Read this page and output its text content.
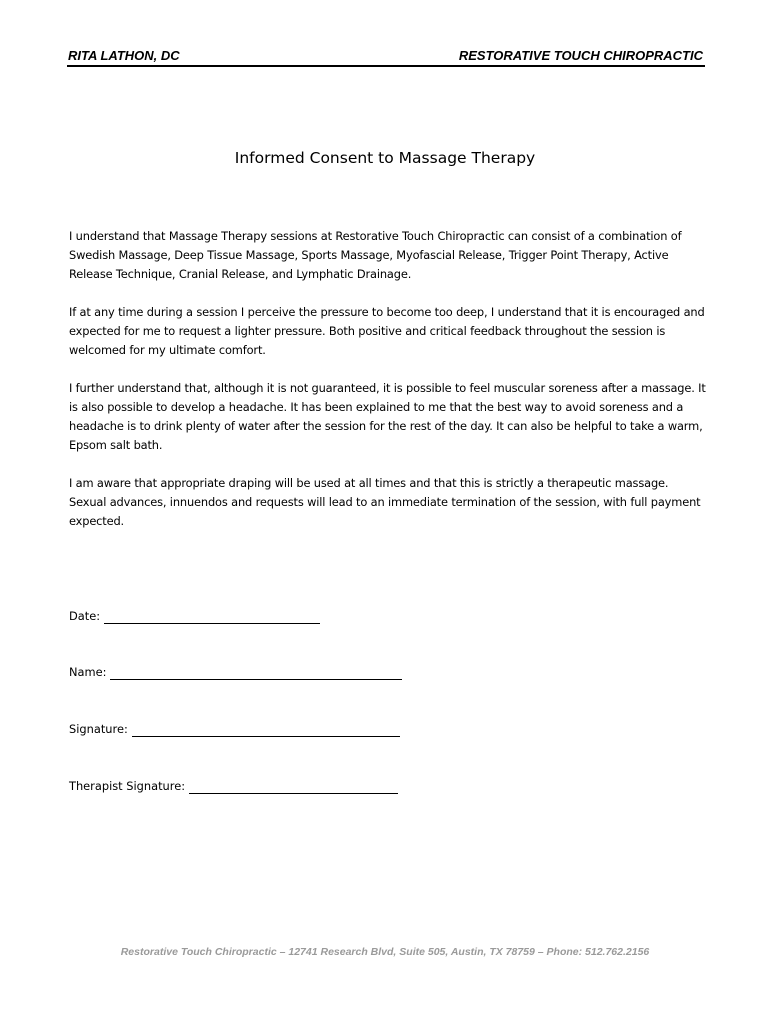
RITA LATHON, DC	RESTORATIVE TOUCH CHIROPRACTIC
Informed Consent to Massage Therapy

I understand that Massage Therapy sessions at Restorative Touch Chiropractic can consist of a combination of Swedish Massage, Deep Tissue Massage, Sports Massage, Myofascial Release, Trigger Point Therapy, Active Release Technique, Cranial Release, and Lymphatic Drainage.

If at any time during a session I perceive the pressure to become too deep, I understand that it is encouraged and expected for me to request a lighter pressure. Both positive and critical feedback throughout the session is welcomed for my ultimate comfort.

I further understand that, although it is not guaranteed, it is possible to feel muscular soreness after a massage. It is also possible to develop a headache. It has been explained to me that the best way to avoid soreness and a headache is to drink plenty of water after the session for the rest of the day. It can also be helpful to take a warm, Epsom salt bath.

I am aware that appropriate draping will be used at all times and that this is strictly a therapeutic massage. Sexual advances, innuendos and requests will lead to an immediate termination of the session, with full payment expected.

Date:
Name:
Signature:
Therapist Signature:
Restorative Touch Chiropractic – 12741 Research Blvd, Suite 505, Austin, TX 78759 – Phone: 512.762.2156
